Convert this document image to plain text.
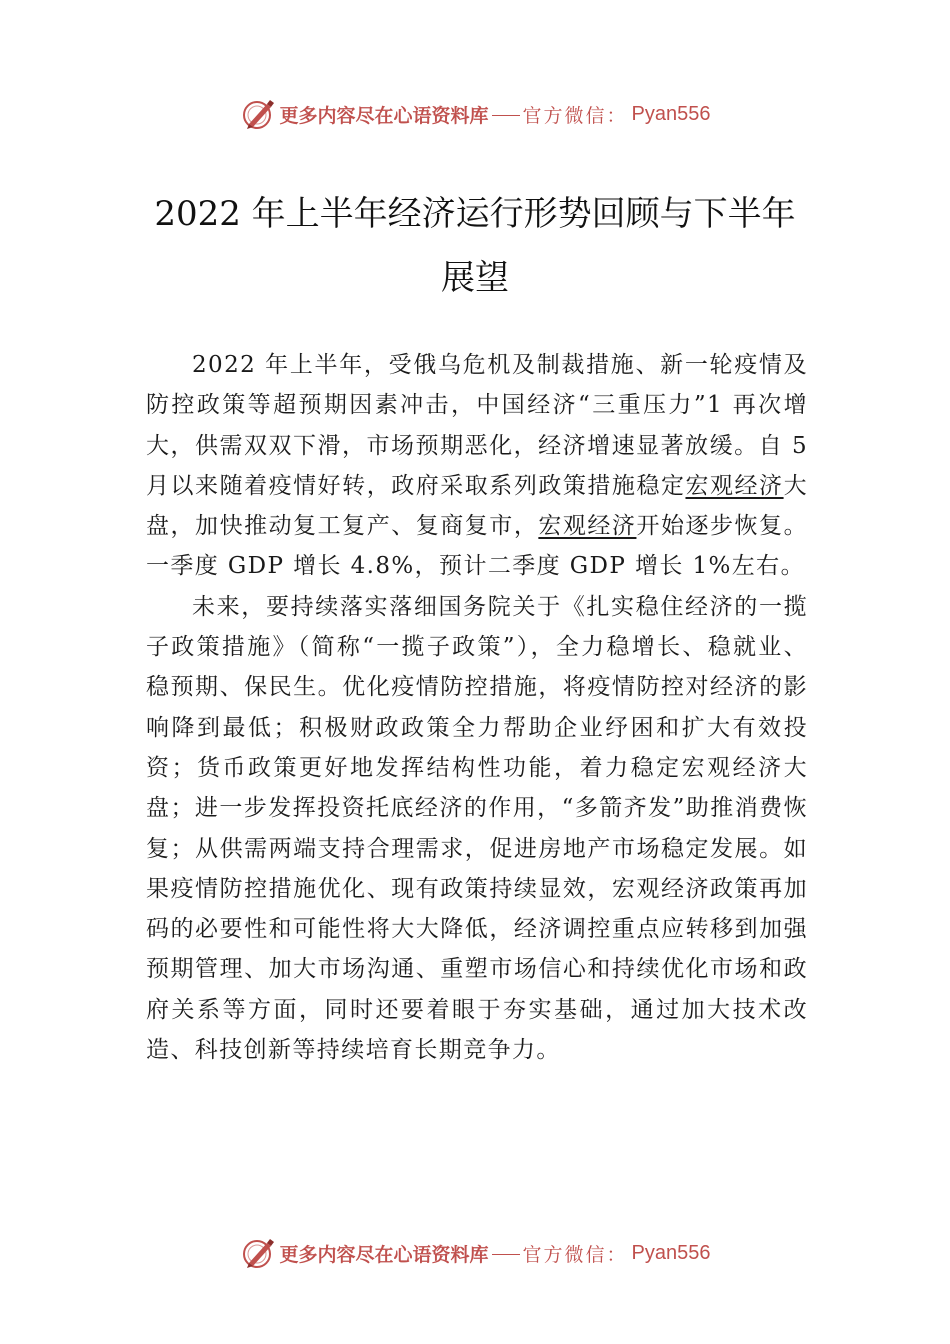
更多内容尽在心语资料库 官方微信： Pyan556
2022 年上半年经济运行形势回顾与下半年展望

2022 年上半年，受俄乌危机及制裁措施、新一轮疫情及防控政策等超预期因素冲击，中国经济“三重压力”1 再次增大，供需双双下滑，市场预期恶化，经济增速显著放缓。自 5 月以来随着疫情好转，政府采取系列政策措施稳定宏观经济大盘，加快推动复工复产、复商复市，宏观经济开始逐步恢复。一季度 GDP 增长 4.8%，预计二季度 GDP 增长 1%左右。

未来，要持续落实落细国务院关于《扎实稳住经济的一揽子政策措施》（简称“一揽子政策”），全力稳增长、稳就业、稳预期、保民生。优化疫情防控措施，将疫情防控对经济的影响降到最低；积极财政政策全力帮助企业纾困和扩大有效投资；货币政策更好地发挥结构性功能，着力稳定宏观经济大盘；进一步发挥投资托底经济的作用，“多箭齐发”助推消费恢复；从供需两端支持合理需求，促进房地产市场稳定发展。如果疫情防控措施优化、现有政策持续显效，宏观经济政策再加码的必要性和可能性将大大降低，经济调控重点应转移到加强预期管理、加大市场沟通、重塑市场信心和持续优化市场和政府关系等方面，同时还要着眼于夯实基础，通过加大技术改造、科技创新等持续培育长期竞争力。

更多内容尽在心语资料库 官方微信： Pyan556
